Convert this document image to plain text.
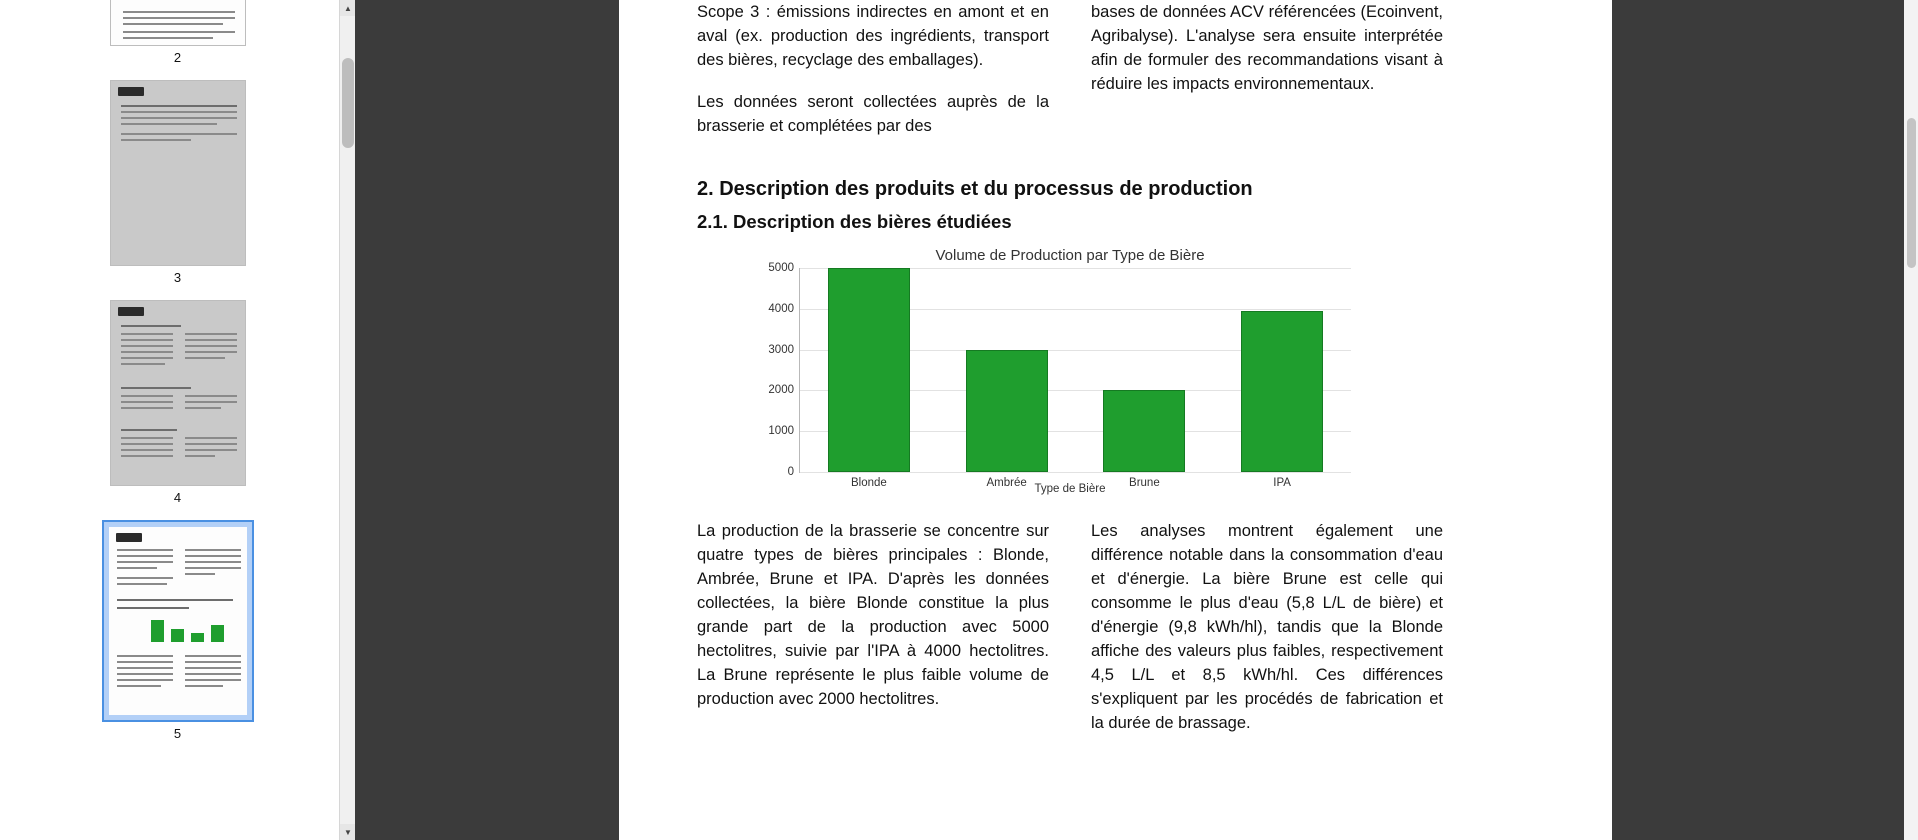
2
3
4
5
▲
▼

Scope 3 : émissions indirectes en amont et en aval (ex. production des ingrédients, transport des bières, recyclage des emballages).

Les données seront collectées auprès de la brasserie et complétées par des

bases de données ACV référencées (Ecoinvent, Agribalyse). L'analyse sera ensuite interprétée afin de formuler des recommandations visant à réduire les impacts environnementaux.

2. Description des produits et du processus de production
2.1. Description des bières étudiées
Volume de Production par Type de Bière
0
1000
2000
3000
4000
5000
Blonde	Ambrée	Brune	IPA
Type de Bière

La production de la brasserie se concentre sur quatre types de bières principales : Blonde, Ambrée, Brune et IPA. D'après les données collectées, la bière Blonde constitue la plus grande part de la production avec 5000 hectolitres, suivie par l'IPA à 4000 hectolitres. La Brune représente le plus faible volume de production avec 2000 hectolitres.

Les analyses montrent également une différence notable dans la consommation d'eau et d'énergie. La bière Brune est celle qui consomme le plus d'eau (5,8 L/L de bière) et d'énergie (9,8 kWh/hl), tandis que la Blonde affiche des valeurs plus faibles, respectivement 4,5 L/L et 8,5 kWh/hl. Ces différences s'expliquent par les procédés de fabrication et la durée de brassage.
